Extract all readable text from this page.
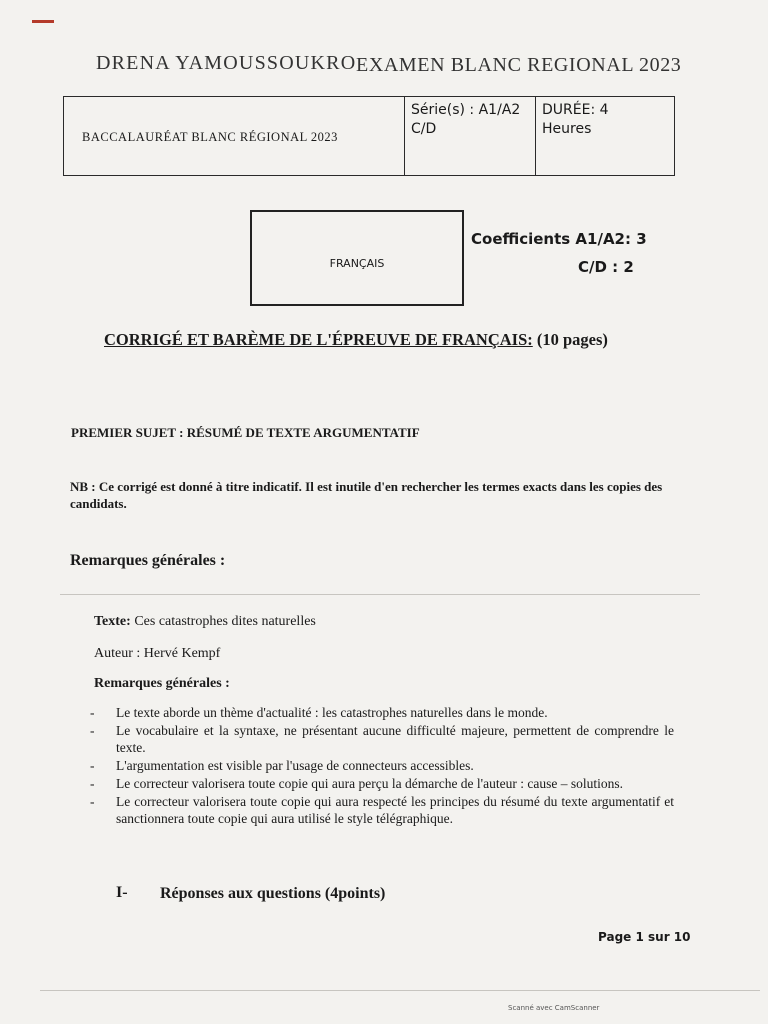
DRENA YAMOUSSOUKRO EXAMEN BLANC REGIONAL 2023
BACCALAURÉAT BLANC RÉGIONAL 2023
Série(s) : A1/A2
C/D
DURÉE: 4
Heures
FRANÇAIS
Coefficients A1/A2: 3
C/D : 2
CORRIGÉ ET BARÈME DE L'ÉPREUVE DE FRANÇAIS: (10 pages)
PREMIER SUJET : RÉSUMÉ DE TEXTE ARGUMENTATIF
NB : Ce corrigé est donné à titre indicatif. Il est inutile d'en rechercher les termes exacts dans les copies des candidats.
Remarques générales :
Texte: Ces catastrophes dites naturelles
Auteur : Hervé Kempf
Remarques générales :
- Le texte aborde un thème d'actualité : les catastrophes naturelles dans le monde.
- Le vocabulaire et la syntaxe, ne présentant aucune difficulté majeure, permettent de comprendre le texte.
- L'argumentation est visible par l'usage de connecteurs accessibles.
- Le correcteur valorisera toute copie qui aura perçu la démarche de l'auteur : cause – solutions.
- Le correcteur valorisera toute copie qui aura respecté les principes du résumé du texte argumentatif et sanctionnera toute copie qui aura utilisé le style télégraphique.
I- Réponses aux questions (4points)
Page 1 sur 10
Scanné avec CamScanner
